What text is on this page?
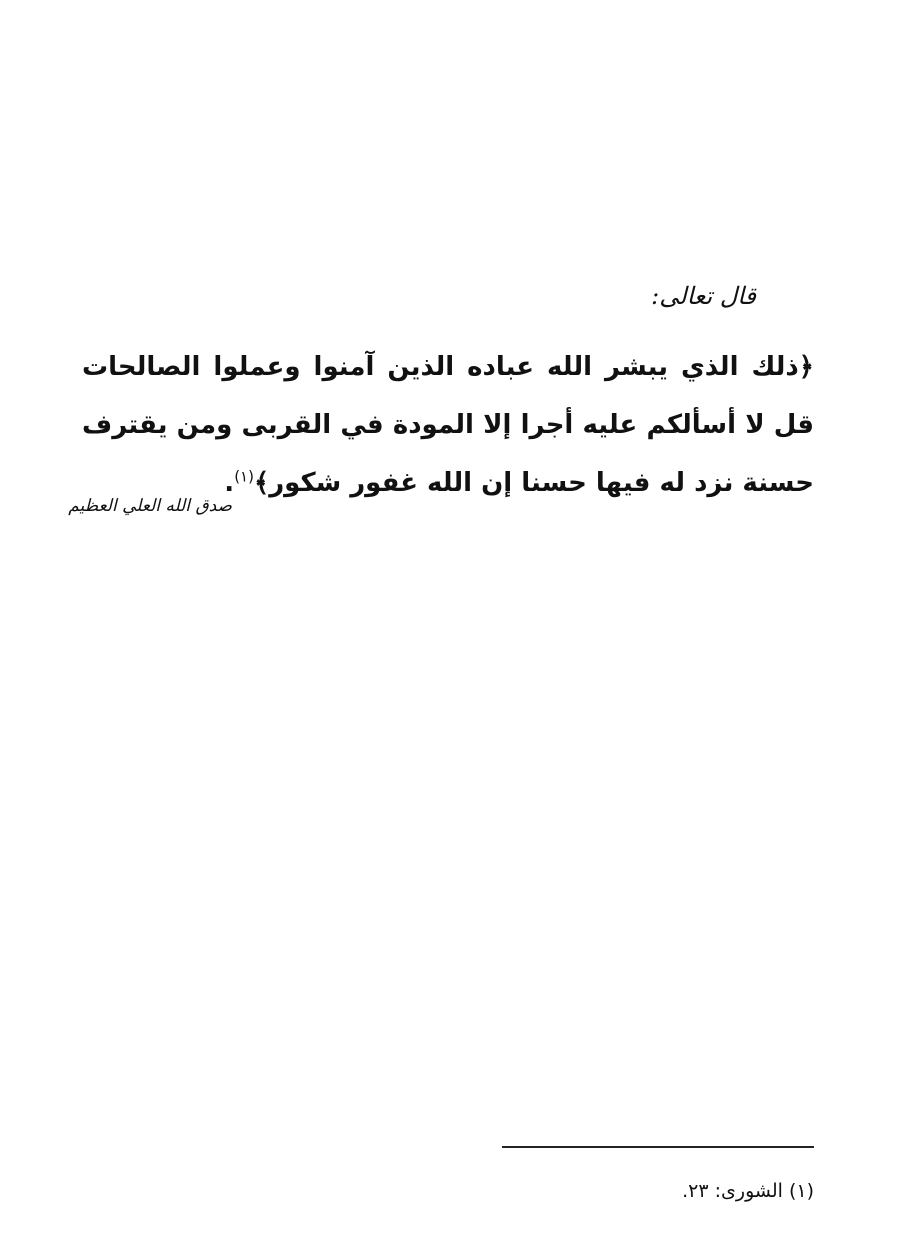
قال تعالى:
﴿ذلك الذي يبشر الله عباده الذين آمنوا وعملوا الصالحات قل لا أسألكم عليه أجرا إلا المودة في القربى ومن يقترف حسنة نزد له فيها حسنا إن الله غفور شكور﴾$^{(١)}$.
صدق الله العلي العظيم
(١) الشورى: ٢٣.
